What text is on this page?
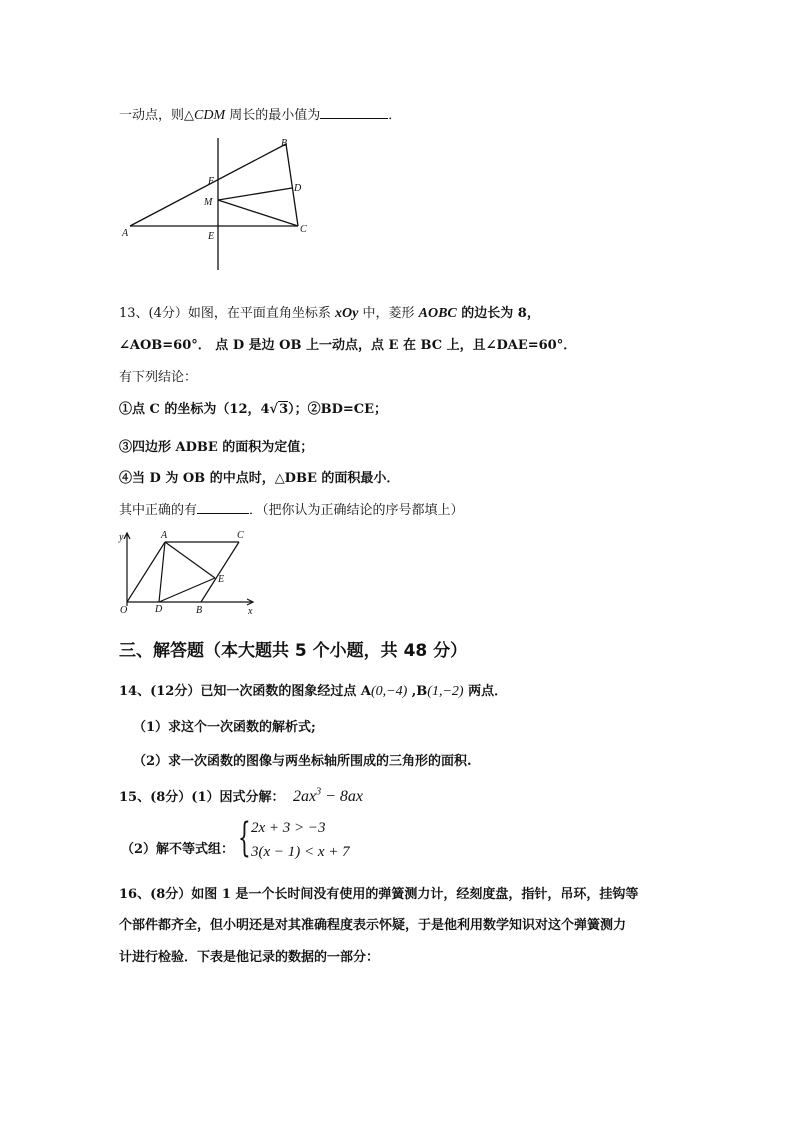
一动点，则△CDM 周长的最小值为	．
A
B
C
D
E
F
M
13、(4分）如图，在平面直角坐标系 xOy 中，菱形 AOBC 的边长为 8，
∠AOB=60°． 点 D 是边 OB 上一动点，点 E 在 BC 上，且∠DAE=60°．
有下列结论：
①点 C 的坐标为（12，4√3）；②BD=CE；
③四边形 ADBE 的面积为定值；
④当 D 为 OB 的中点时，△DBE 的面积最小．
其中正确的有	．（把你认为正确结论的序号都填上）
y
x
O
A	C
D
E
B
三、解答题（本大题共 5 个小题，共 48 分）
14、(12分）已知一次函数的图象经过点 A(0,−4) ,B(1,−2) 两点．
（1）求这个一次函数的解析式;
（2）求一次函数的图像与两坐标轴所围成的三角形的面积.
15、(8分）(1）因式分解： $2ax^3 - 8ax$
（2）解不等式组： { 2x + 3 > −3
3(x − 1) < x + 7
16、(8分）如图 1 是一个长时间没有使用的弹簧测力计，经刻度盘，指针，吊环，挂钩等
个部件都齐全，但小明还是对其准确程度表示怀疑，于是他利用数学知识对这个弹簧测力
计进行检验．下表是他记录的数据的一部分：
